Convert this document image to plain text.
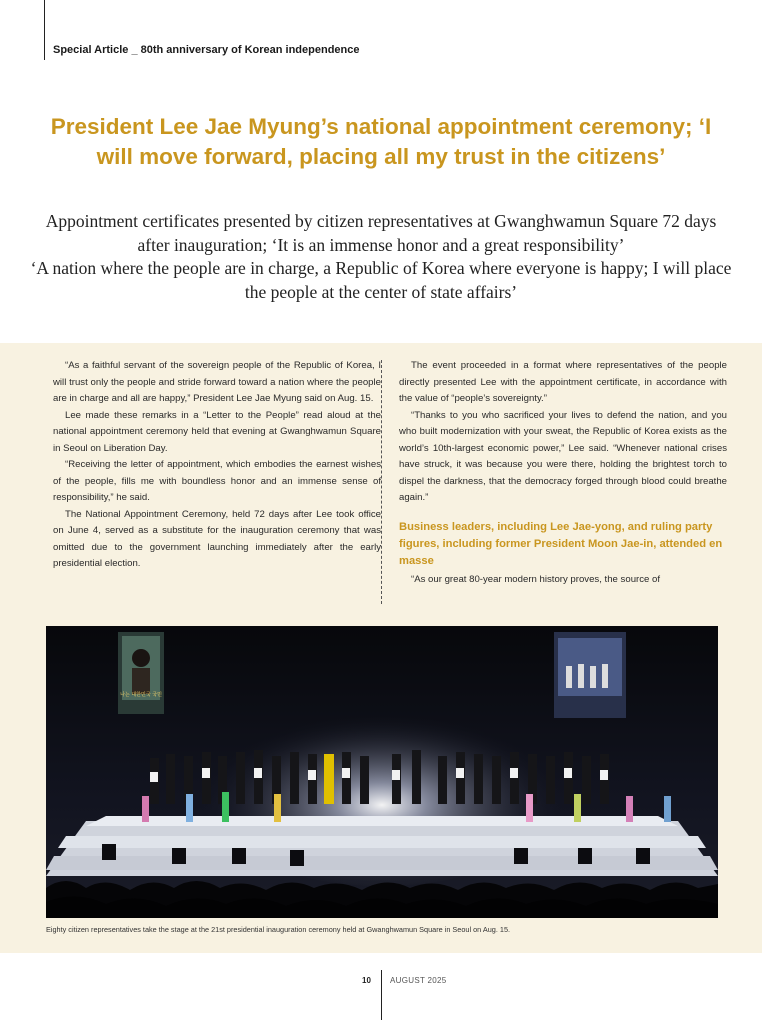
Special Article _ 80th anniversary of Korean independence
President Lee Jae Myung’s national appointment ceremony; ‘I will move forward, placing all my trust in the citizens’
Appointment certificates presented by citizen representatives at Gwanghwamun Square 72 days after inauguration; ‘It is an immense honor and a great responsibility’
‘A nation where the people are in charge, a Republic of Korea where everyone is happy; I will place the people at the center of state affairs’

“As a faithful servant of the sovereign people of the Republic of Korea, I will trust only the people and stride forward toward a nation where the people are in charge and all are happy,” President Lee Jae Myung said on Aug. 15.

Lee made these remarks in a “Letter to the People” read aloud at the national appointment ceremony held that evening at Gwanghwamun Square in Seoul on Liberation Day.

“Receiving the letter of appointment, which embodies the earnest wishes of the people, fills me with boundless honor and an immense sense of responsibility,” he said.

The National Appointment Ceremony, held 72 days after Lee took office on June 4, served as a substitute for the inauguration ceremony that was omitted due to the government launching immediately after the early presidential election.

The event proceeded in a format where representatives of the people directly presented Lee with the appointment certificate, in accordance with the value of “people’s sovereignty.”

“Thanks to you who sacrificed your lives to defend the nation, and you who built modernization with your sweat, the Republic of Korea exists as the world’s 10th-largest economic power,” Lee said. “Whenever national crises have struck, it was because you were there, holding the brightest torch to dispel the darkness, that the democracy forged through blood could breathe again.”

Business leaders, including Lee Jae-yong, and ruling party figures, including former President Moon Jae-in, attended en masse

“As our great 80-year modern history proves, the source of

나는 대한민국 국민
Eighty citizen representatives take the stage at the 21st presidential inauguration ceremony held at Gwanghwamun Square in Seoul on Aug. 15.
10 AUGUST 2025
